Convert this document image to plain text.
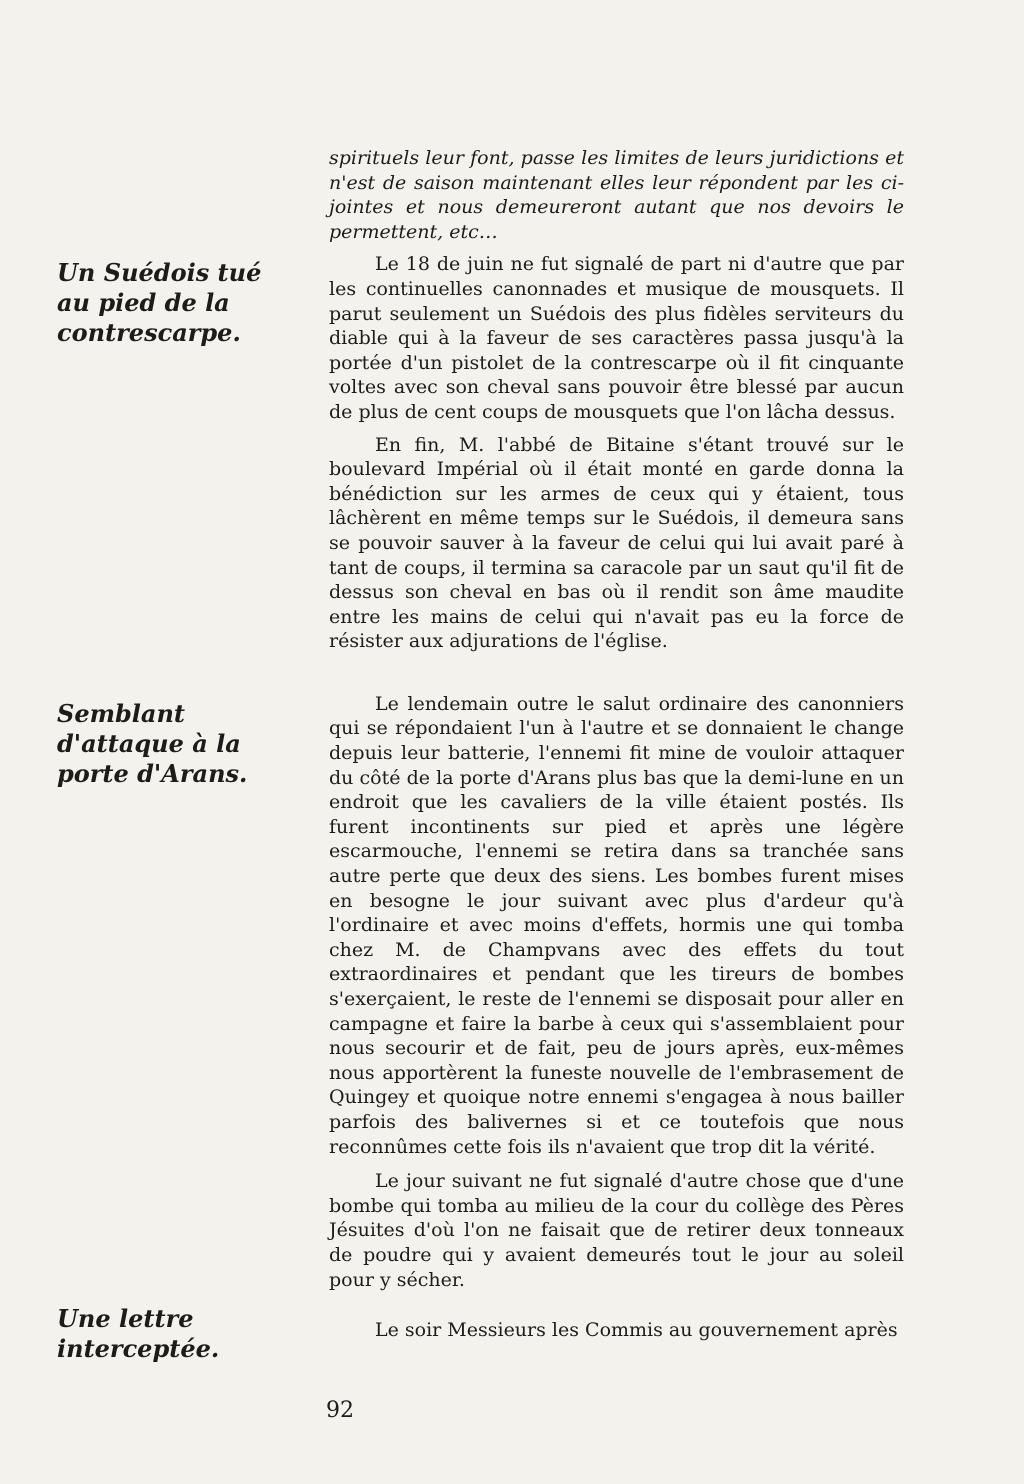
Un Suédois tué
au pied de la
contrescarpe.
Semblant
d'attaque à la
porte d'Arans.
Une lettre
interceptée.

spirituels leur font, passe les limites de leurs juridictions et n'est de saison maintenant elles leur répondent par les ci-jointes et nous demeureront autant que nos devoirs le permettent, etc…

Le 18 de juin ne fut signalé de part ni d'autre que par les continuelles canonnades et musique de mousquets. Il parut seulement un Suédois des plus fidèles serviteurs du diable qui à la faveur de ses caractères passa jusqu'à la portée d'un pistolet de la contrescarpe où il fit cinquante voltes avec son cheval sans pouvoir être blessé par aucun de plus de cent coups de mousquets que l'on lâcha dessus.

En fin, M. l'abbé de Bitaine s'étant trouvé sur le boulevard Impérial où il était monté en garde donna la bénédiction sur les armes de ceux qui y étaient, tous lâchèrent en même temps sur le Suédois, il demeura sans se pouvoir sauver à la faveur de celui qui lui avait paré à tant de coups, il termina sa caracole par un saut qu'il fit de dessus son cheval en bas où il rendit son âme maudite entre les mains de celui qui n'avait pas eu la force de résister aux adjurations de l'église.

Le lendemain outre le salut ordinaire des canonniers qui se répondaient l'un à l'autre et se donnaient le change depuis leur batterie, l'ennemi fit mine de vouloir attaquer du côté de la porte d'Arans plus bas que la demi-lune en un endroit que les cavaliers de la ville étaient postés. Ils furent incontinents sur pied et après une légère escarmouche, l'ennemi se retira dans sa tranchée sans autre perte que deux des siens. Les bombes furent mises en besogne le jour suivant avec plus d'ardeur qu'à l'ordinaire et avec moins d'effets, hormis une qui tomba chez M. de Champvans avec des effets du tout extraordinaires et pendant que les tireurs de bombes s'exerçaient, le reste de l'ennemi se disposait pour aller en campagne et faire la barbe à ceux qui s'assemblaient pour nous secourir et de fait, peu de jours après, eux-mêmes nous apportèrent la funeste nouvelle de l'embrasement de Quingey et quoique notre ennemi s'engagea à nous bailler parfois des balivernes si et ce toutefois que nous reconnûmes cette fois ils n'avaient que trop dit la vérité.

Le jour suivant ne fut signalé d'autre chose que d'une bombe qui tomba au milieu de la cour du collège des Pères Jésuites d'où l'on ne faisait que de retirer deux tonneaux de poudre qui y avaient demeurés tout le jour au soleil pour y sécher.

Le soir Messieurs les Commis au gouvernement après

92
